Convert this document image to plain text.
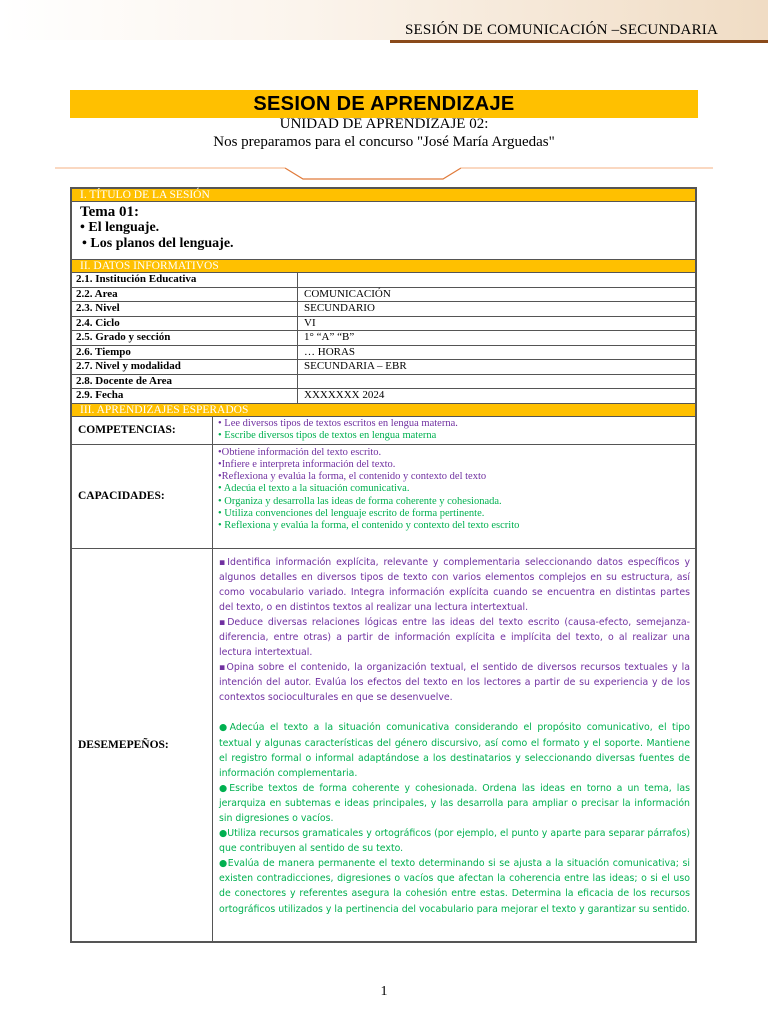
SESIÓN DE COMUNICACIÓN –SECUNDARIA
SESION DE APRENDIZAJE
UNIDAD DE APRENDIZAJE 02:
Nos preparamos para el concurso "José María Arguedas"
I. TÍTULO DE LA SESIÓN
Tema 01:
• El lenguaje.
• Los planos del lenguaje.
II. DATOS INFORMATIVOS
2.1. Institución Educativa
2.2. Area	COMUNICACIÓN
2.3. Nivel	SECUNDARIO
2.4. Ciclo	VI
2.5. Grado y sección	1° “A” “B”
2.6. Tiempo	… HORAS
2.7. Nivel y modalidad	SECUNDARIA – EBR
2.8. Docente de Area
2.9. Fecha	XXXXXXX 2024
III. APRENDIZAJES ESPERADOS
COMPETENCIAS:
• Lee diversos tipos de textos escritos en lengua materna.
• Escribe diversos tipos de textos en lengua materna
CAPACIDADES:
•Obtiene información del texto escrito.
•Infiere e interpreta información del texto.
•Reflexiona y evalúa la forma, el contenido y contexto del texto
• Adecúa el texto a la situación comunicativa.
• Organiza y desarrolla las ideas de forma coherente y cohesionada.
• Utiliza convenciones del lenguaje escrito de forma pertinente.
• Reflexiona y evalúa la forma, el contenido y contexto del texto escrito
DESEMEPEÑOS:

▪Identifica información explícita, relevante y complementaria seleccionando datos específicos y algunos detalles en diversos tipos de texto con varios elementos complejos en su estructura, así como vocabulario variado. Integra información explícita cuando se encuentra en distintas partes del texto, o en distintos textos al realizar una lectura intertextual.

▪Deduce diversas relaciones lógicas entre las ideas del texto escrito (causa-efecto, semejanza-diferencia, entre otras) a partir de información explícita e implícita del texto, o al realizar una lectura intertextual.

▪Opina sobre el contenido, la organización textual, el sentido de diversos recursos textuales y la intención del autor. Evalúa los efectos del texto en los lectores a partir de su experiencia y de los contextos socioculturales en que se desenvuelve.

●Adecúa el texto a la situación comunicativa considerando el propósito comunicativo, el tipo textual y algunas características del género discursivo, así como el formato y el soporte. Mantiene el registro formal o informal adaptándose a los destinatarios y seleccionando diversas fuentes de información complementaria.

●Escribe textos de forma coherente y cohesionada. Ordena las ideas en torno a un tema, las jerarquiza en subtemas e ideas principales, y las desarrolla para ampliar o precisar la información sin digresiones o vacíos.

●Utiliza recursos gramaticales y ortográficos (por ejemplo, el punto y aparte para separar párrafos) que contribuyen al sentido de su texto.

●Evalúa de manera permanente el texto determinando si se ajusta a la situación comunicativa; si existen contradicciones, digresiones o vacíos que afectan la coherencia entre las ideas; o si el uso de conectores y referentes asegura la cohesión entre estas. Determina la eficacia de los recursos ortográficos utilizados y la pertinencia del vocabulario para mejorar el texto y garantizar su sentido.

1
